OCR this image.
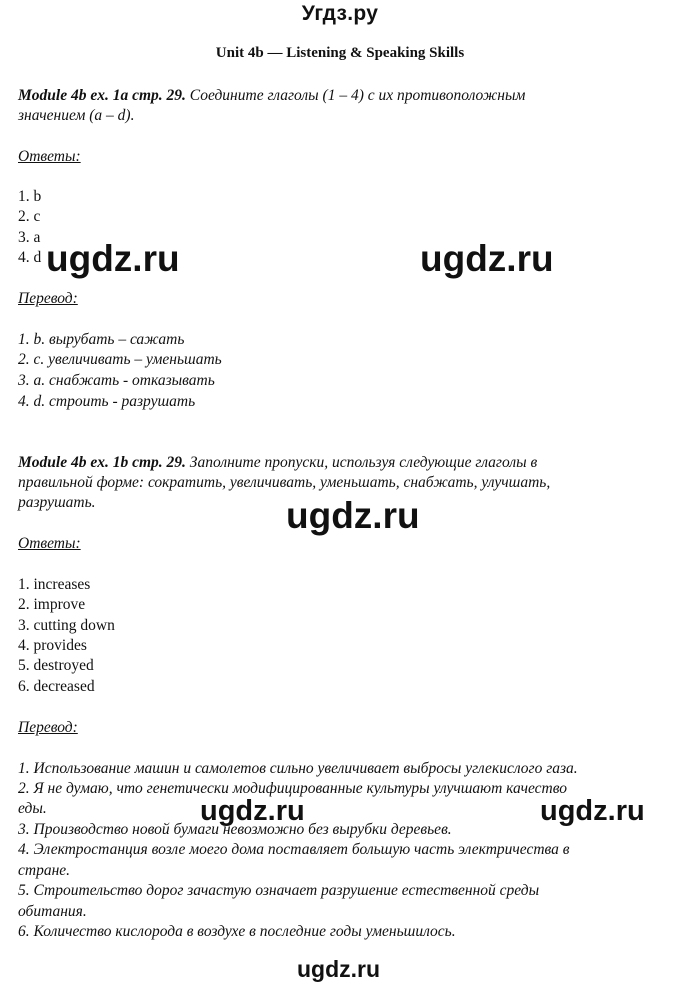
Угдз.ру
Unit 4b — Listening & Speaking Skills
Module 4b ex. 1a стр. 29. Соедините глаголы (1 – 4) с их противоположным
значением (a – d).
Ответы:
1. b
2. c
3. a
4. d
Перевод:
1. b. вырубать – сажать
2. c. увеличивать – уменьшать
3. a. снабжать - отказывать
4. d. строить - разрушать
Module 4b ex. 1b стр. 29. Заполните пропуски, используя следующие глаголы в
правильной форме: сократить, увеличивать, уменьшать, снабжать, улучшать,
разрушать.
Ответы:
1. increases
2. improve
3. cutting down
4. provides
5. destroyed
6. decreased
Перевод:
1. Использование машин и самолетов сильно увеличивает выбросы углекислого газа.
2. Я не думаю, что генетически модифицированные культуры улучшают качество
еды.
3. Производство новой бумаги невозможно без вырубки деревьев.
4. Электростанция возле моего дома поставляет большую часть электричества в
стране.
5. Строительство дорог зачастую означает разрушение естественной среды
обитания.
6. Количество кислорода в воздухе в последние годы уменьшилось.
ugdz.ru	ugdz.ru
ugdz.ru
ugdz.ru	ugdz.ru
ugdz.ru
